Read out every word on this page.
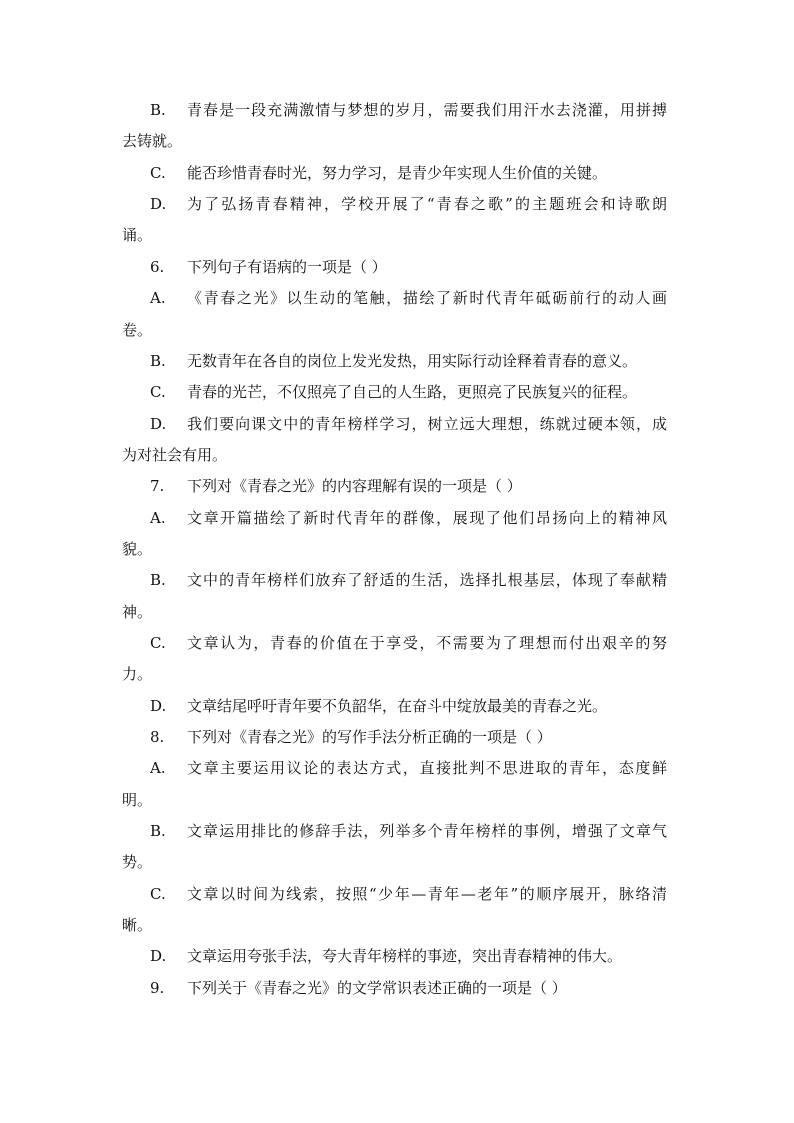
B. 青春是一段充满激情与梦想的岁月，需要我们用汗水去浇灌，用拼搏
去铸就。
C. 能否珍惜青春时光，努力学习，是青少年实现人生价值的关键。
D. 为了弘扬青春精神，学校开展了“青春之歌”的主题班会和诗歌朗
诵。
6. 下列句子有语病的一项是（ ）
A. 《青春之光》以生动的笔触，描绘了新时代青年砥砺前行的动人画
卷。
B. 无数青年在各自的岗位上发光发热，用实际行动诠释着青春的意义。
C. 青春的光芒，不仅照亮了自己的人生路，更照亮了民族复兴的征程。
D. 我们要向课文中的青年榜样学习，树立远大理想，练就过硬本领，成
为对社会有用。
7. 下列对《青春之光》的内容理解有误的一项是（ ）
A. 文章开篇描绘了新时代青年的群像，展现了他们昂扬向上的精神风
貌。
B. 文中的青年榜样们放弃了舒适的生活，选择扎根基层，体现了奉献精
神。
C. 文章认为，青春的价值在于享受，不需要为了理想而付出艰辛的努
力。
D. 文章结尾呼吁青年要不负韶华，在奋斗中绽放最美的青春之光。
8. 下列对《青春之光》的写作手法分析正确的一项是（ ）
A. 文章主要运用议论的表达方式，直接批判不思进取的青年，态度鲜
明。
B. 文章运用排比的修辞手法，列举多个青年榜样的事例，增强了文章气
势。
C. 文章以时间为线索，按照“少年—青年—老年”的顺序展开，脉络清
晰。
D. 文章运用夸张手法，夸大青年榜样的事迹，突出青春精神的伟大。
9. 下列关于《青春之光》的文学常识表述正确的一项是（ ）
